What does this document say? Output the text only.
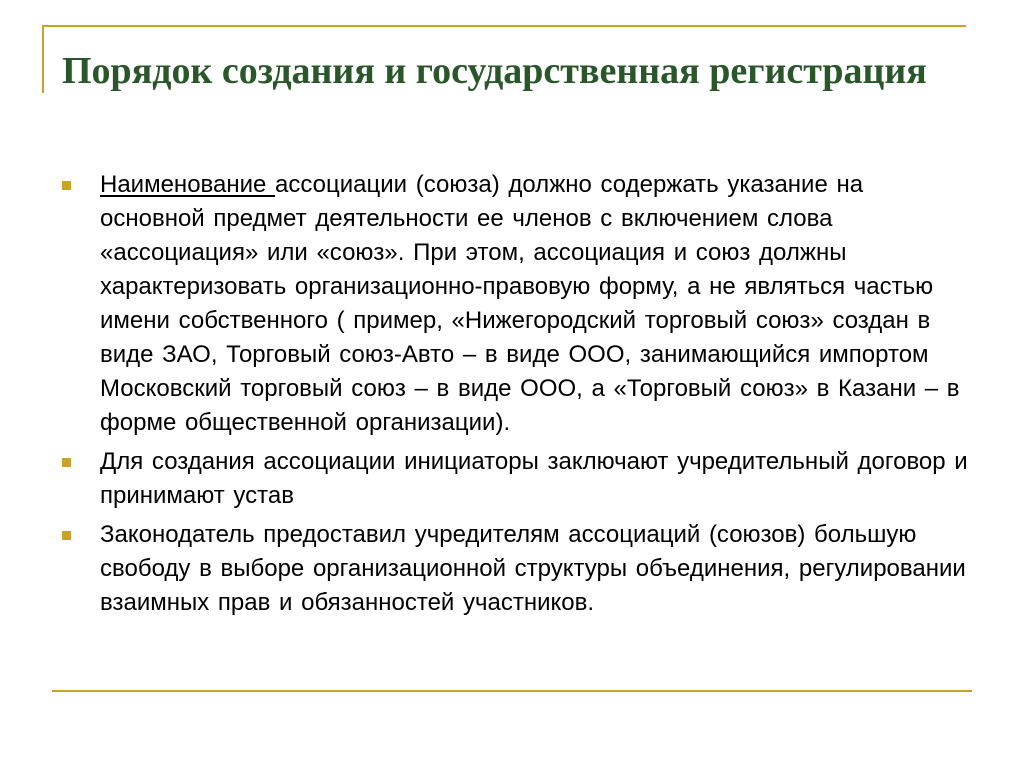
Порядок создания и государственная регистрация
Наименование ассоциации (союза) должно содержать указание на основной предмет деятельности ее членов с включением слова «ассоциация» или «союз». При этом, ассоциация и союз должны характеризовать организационно-правовую форму, а не являться частью имени собственного ( пример, «Нижегородский торговый союз» создан в виде ЗАО, Торговый союз-Авто – в виде ООО, занимающийся импортом Московский торговый союз – в виде ООО, а «Торговый союз» в Казани – в форме общественной организации).
Для создания ассоциации инициаторы заключают учредительный договор и принимают устав
Законодатель предоставил учредителям ассоциаций (союзов) большую свободу в выборе организационной структуры объединения, регулировании взаимных прав и обязанностей участников.
